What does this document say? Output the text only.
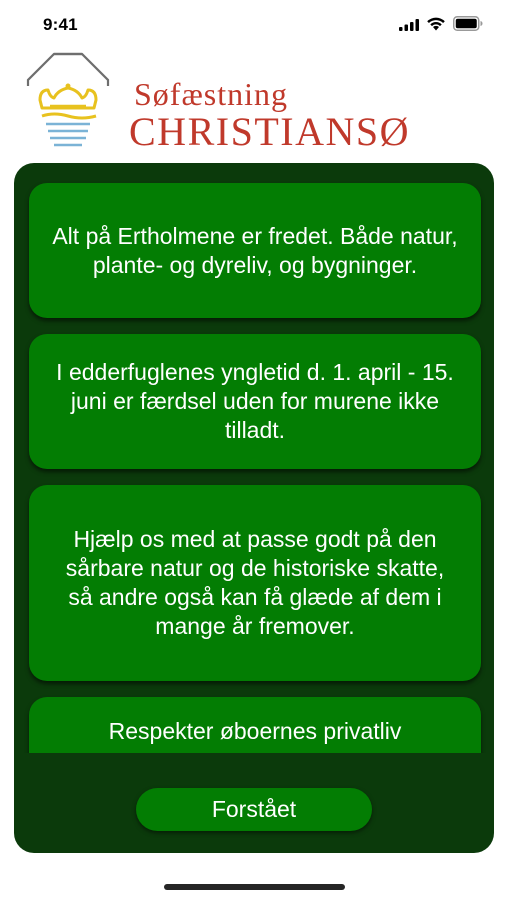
9:41
Søfæstning
CHRISTIANSØ

Alt på Ertholmene er fredet. Både natur, plante- og dyreliv, og bygninger.

I edderfuglenes yngletid d. 1. april - 15. juni er færdsel uden for murene ikke tilladt.

Hjælp os med at passe godt på den sårbare natur og de historiske skatte, så andre også kan få glæde af dem i mange år fremover.

Respekter øboernes privatliv

Forstået
